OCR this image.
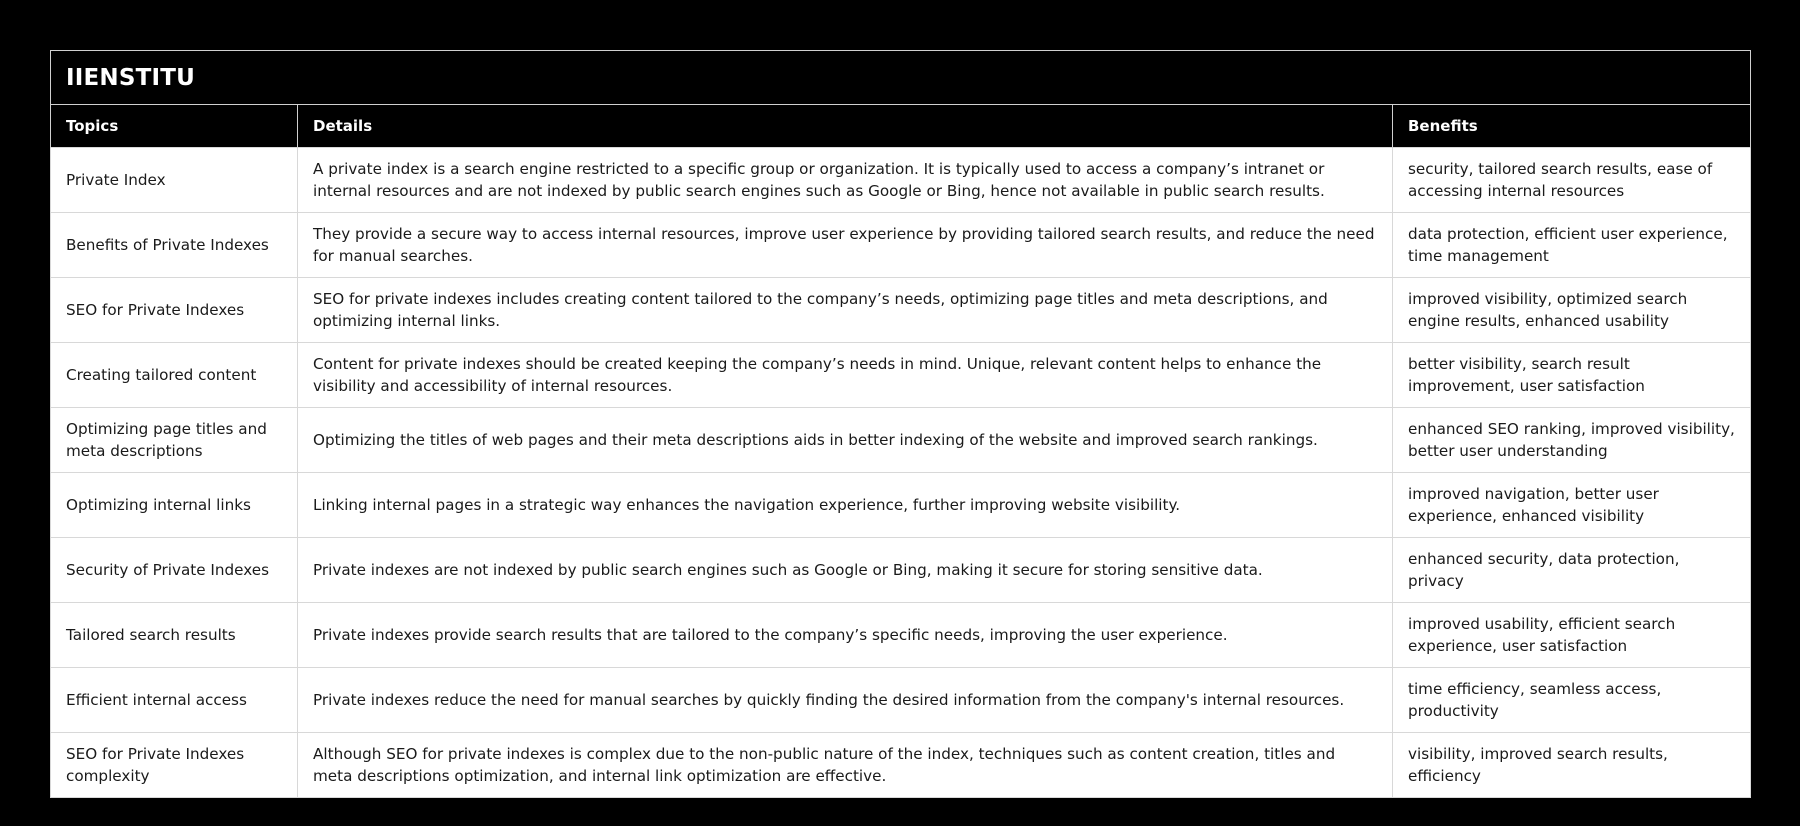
IIENSTITU		
Topics	Details	Benefits
Private Index	A private index is a search engine restricted to a specific group or organization. It is typically used to access a company’s intranet or internal resources and are not indexed by public search engines such as Google or Bing, hence not available in public search results.	security, tailored search results, ease of accessing internal resources
Benefits of Private Indexes	They provide a secure way to access internal resources, improve user experience by providing tailored search results, and reduce the need for manual searches.	data protection, efficient user experience, time management
SEO for Private Indexes	SEO for private indexes includes creating content tailored to the company’s needs, optimizing page titles and meta descriptions, and optimizing internal links.	improved visibility, optimized search engine results, enhanced usability
Creating tailored content	Content for private indexes should be created keeping the company’s needs in mind. Unique, relevant content helps to enhance the visibility and accessibility of internal resources.	better visibility, search result improvement, user satisfaction
Optimizing page titles and meta descriptions	Optimizing the titles of web pages and their meta descriptions aids in better indexing of the website and improved search rankings.	enhanced SEO ranking, improved visibility, better user understanding
Optimizing internal links	Linking internal pages in a strategic way enhances the navigation experience, further improving website visibility.	improved navigation, better user experience, enhanced visibility
Security of Private Indexes	Private indexes are not indexed by public search engines such as Google or Bing, making it secure for storing sensitive data.	enhanced security, data protection, privacy
Tailored search results	Private indexes provide search results that are tailored to the company’s specific needs, improving the user experience.	improved usability, efficient search experience, user satisfaction
Efficient internal access	Private indexes reduce the need for manual searches by quickly finding the desired information from the company's internal resources.	time efficiency, seamless access, productivity
SEO for Private Indexes complexity	Although SEO for private indexes is complex due to the non-public nature of the index, techniques such as content creation, titles and meta descriptions optimization, and internal link optimization are effective.	visibility, improved search results, efficiency
